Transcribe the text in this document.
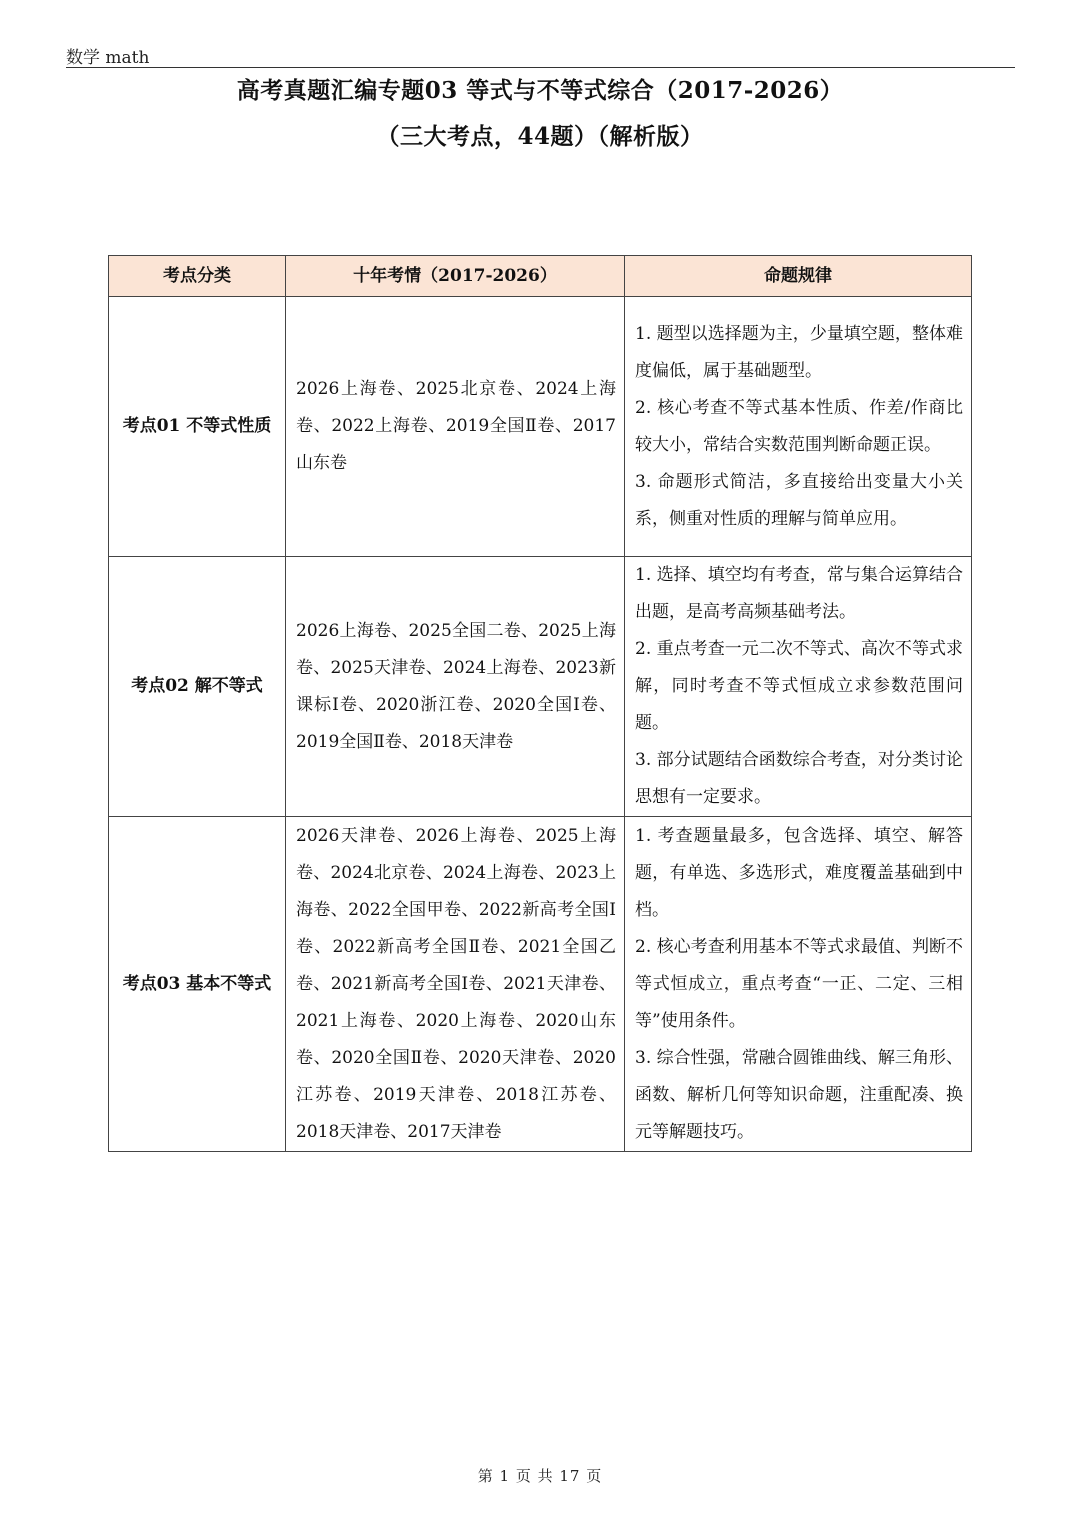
数学 math
高考真题汇编专题03 等式与不等式综合（2017-2026）
（三大考点，44题）（解析版）
考点分类	十年考情（2017-2026）	命题规律
考点01 不等式性质	2026上海卷、2025北京卷、2024上海卷、2022上海卷、2019全国Ⅱ卷、2017山东卷	1. 题型以选择题为主，少量填空题，整体难度偏低，属于基础题型。
2. 核心考查不等式基本性质、作差/作商比较大小，常结合实数范围判断命题正误。
3. 命题形式简洁，多直接给出变量大小关系，侧重对性质的理解与简单应用。

考点02 解不等式	2026上海卷、2025全国二卷、2025上海卷、2025天津卷、2024上海卷、2023新课标Ⅰ卷、2020浙江卷、2020全国Ⅰ卷、2019全国Ⅱ卷、2018天津卷	1. 选择、填空均有考查，常与集合运算结合出题，是高考高频基础考法。
2. 重点考查一元二次不等式、高次不等式求解，同时考查不等式恒成立求参数范围问题。
3. 部分试题结合函数综合考查，对分类讨论思想有一定要求。

考点03 基本不等式	2026天津卷、2026上海卷、2025上海卷、2024北京卷、2024上海卷、2023上海卷、2022全国甲卷、2022新高考全国Ⅰ卷、2022新高考全国Ⅱ卷、2021全国乙卷、2021新高考全国Ⅰ卷、2021天津卷、2021上海卷、2020上海卷、2020山东卷、2020全国Ⅱ卷、2020天津卷、2020江苏卷、2019天津卷、2018江苏卷、2018天津卷、2017天津卷	1. 考查题量最多，包含选择、填空、解答题，有单选、多选形式，难度覆盖基础到中档。
2. 核心考查利用基本不等式求最值、判断不等式恒成立，重点考查“一正、二定、三相等”使用条件。
3. 综合性强，常融合圆锥曲线、解三角形、函数、解析几何等知识命题，注重配凑、换元等解题技巧。
第 1 页 共 17 页
